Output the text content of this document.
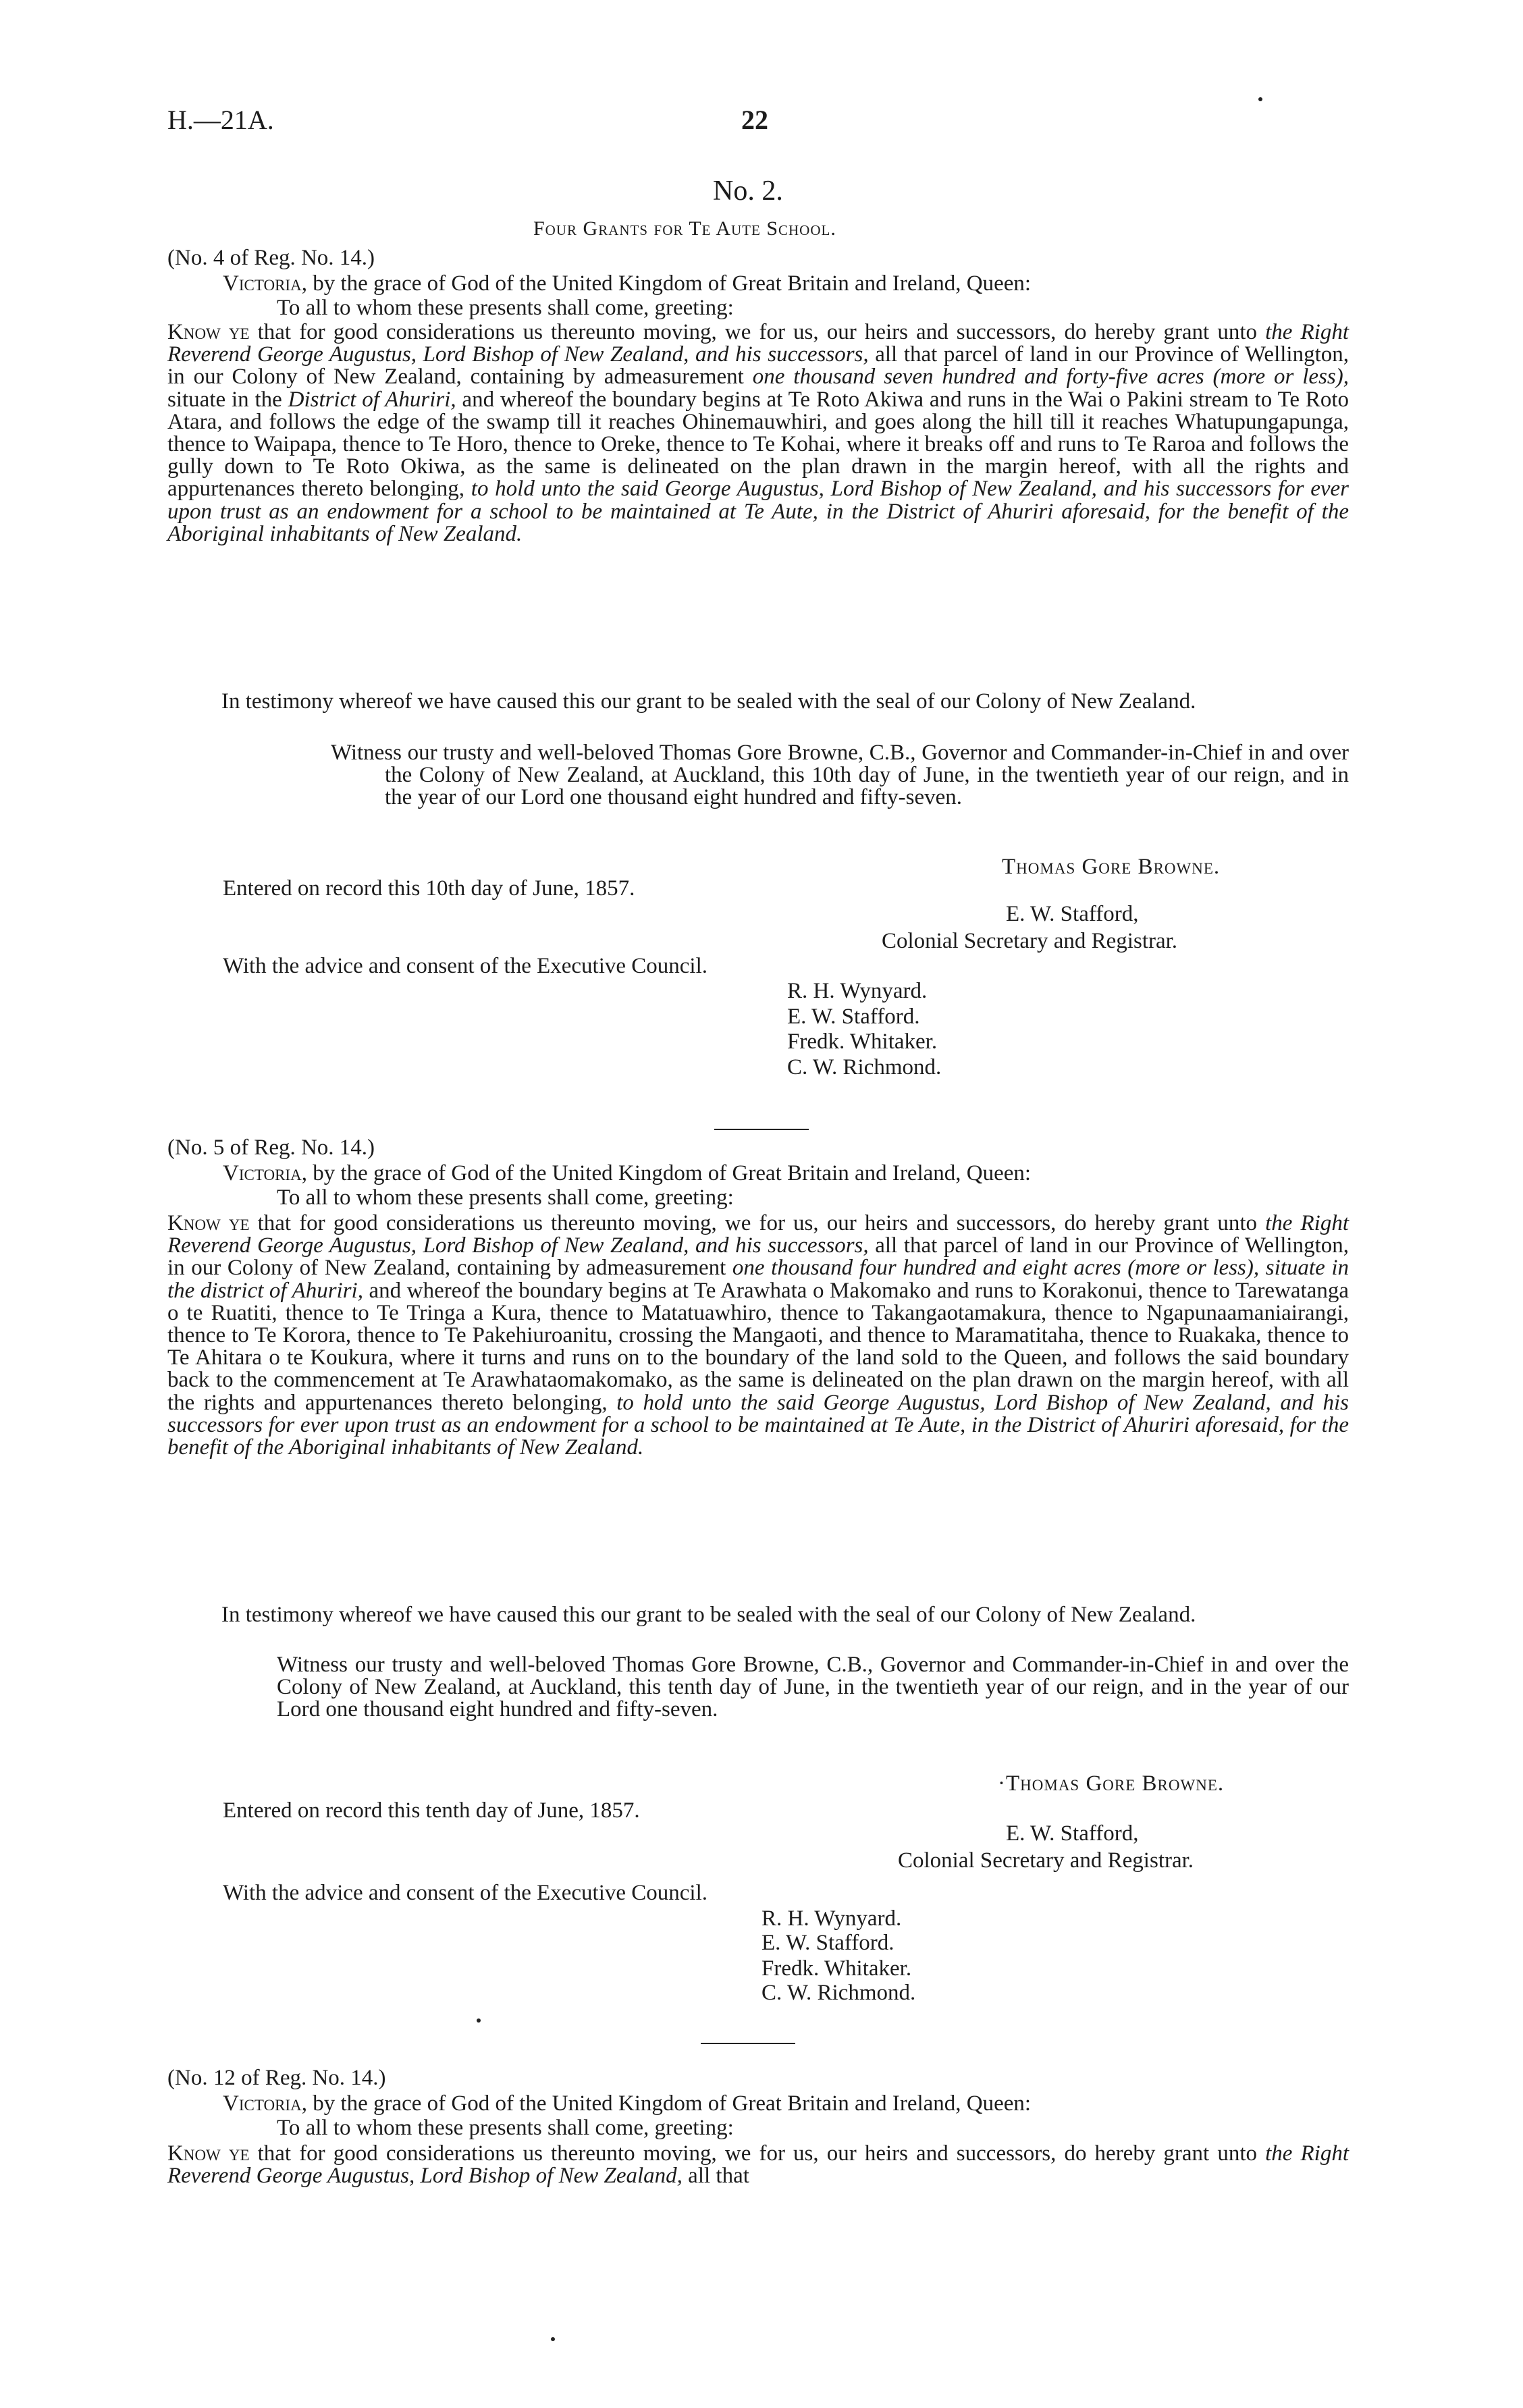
H.—21A.	22
No. 2.
Four Grants for Te Aute School.
(No. 4 of Reg. No. 14.)
Victoria, by the grace of God of the United Kingdom of Great Britain and Ireland, Queen:
To all to whom these presents shall come, greeting:
Know ye that for good considerations us thereunto moving, we for us, our heirs and successors, do hereby grant unto the Right Reverend George Augustus, Lord Bishop of New Zealand, and his successors, all that parcel of land in our Province of Wellington, in our Colony of New Zealand, containing by admeasurement one thousand seven hundred and forty-five acres (more or less), situate in the District of Ahuriri, and whereof the boundary begins at Te Roto Akiwa and runs in the Wai o Pakini stream to Te Roto Atara, and follows the edge of the swamp till it reaches Ohinemauwhiri, and goes along the hill till it reaches Whatupungapunga, thence to Waipapa, thence to Te Horo, thence to Oreke, thence to Te Kohai, where it breaks off and runs to Te Raroa and follows the gully down to Te Roto Okiwa, as the same is delineated on the plan drawn in the margin hereof, with all the rights and appurtenances thereto belonging, to hold unto the said George Augustus, Lord Bishop of New Zealand, and his successors for ever upon trust as an endowment for a school to be maintained at Te Aute, in the District of Ahuriri aforesaid, for the benefit of the Aboriginal inhabitants of New Zealand.
In testimony whereof we have caused this our grant to be sealed with the seal of our Colony of New Zealand.
Witness our trusty and well-beloved Thomas Gore Browne, C.B., Governor and Commander-in-Chief in and over the Colony of New Zealand, at Auckland, this 10th day of June, in the twentieth year of our reign, and in the year of our Lord one thousand eight hundred and fifty-seven.
Thomas Gore Browne.
Entered on record this 10th day of June, 1857.
E. W. Stafford,
Colonial Secretary and Registrar.
With the advice and consent of the Executive Council.
R. H. Wynyard.
E. W. Stafford.
Fredk. Whitaker.
C. W. Richmond.
(No. 5 of Reg. No. 14.)
Victoria, by the grace of God of the United Kingdom of Great Britain and Ireland, Queen:
To all to whom these presents shall come, greeting:
Know ye that for good considerations us thereunto moving, we for us, our heirs and successors, do hereby grant unto the Right Reverend George Augustus, Lord Bishop of New Zealand, and his successors, all that parcel of land in our Province of Wellington, in our Colony of New Zealand, containing by admeasurement one thousand four hundred and eight acres (more or less), situate in the district of Ahuriri, and whereof the boundary begins at Te Arawhata o Makomako and runs to Korakonui, thence to Tarewatanga o te Ruatiti, thence to Te Tringa a Kura, thence to Matatuawhiro, thence to Takangaotamakura, thence to Ngapunaamaniairangi, thence to Te Korora, thence to Te Pakehiuroanitu, crossing the Mangaoti, and thence to Maramatitaha, thence to Ruakaka, thence to Te Ahitara o te Koukura, where it turns and runs on to the boundary of the land sold to the Queen, and follows the said boundary back to the commencement at Te Arawhataomakomako, as the same is delineated on the plan drawn on the margin hereof, with all the rights and appurtenances thereto belonging, to hold unto the said George Augustus, Lord Bishop of New Zealand, and his successors for ever upon trust as an endowment for a school to be maintained at Te Aute, in the District of Ahuriri aforesaid, for the benefit of the Aboriginal inhabitants of New Zealand.
In testimony whereof we have caused this our grant to be sealed with the seal of our Colony of New Zealand.
Witness our trusty and well-beloved Thomas Gore Browne, C.B., Governor and Commander-in-Chief in and over the Colony of New Zealand, at Auckland, this tenth day of June, in the twentieth year of our reign, and in the year of our Lord one thousand eight hundred and fifty-seven.
·Thomas Gore Browne.
Entered on record this tenth day of June, 1857.
E. W. Stafford,
Colonial Secretary and Registrar.
With the advice and consent of the Executive Council.
R. H. Wynyard.
E. W. Stafford.
Fredk. Whitaker.
C. W. Richmond.
(No. 12 of Reg. No. 14.)
Victoria, by the grace of God of the United Kingdom of Great Britain and Ireland, Queen:
To all to whom these presents shall come, greeting:
Know ye that for good considerations us thereunto moving, we for us, our heirs and successors, do hereby grant unto the Right Reverend George Augustus, Lord Bishop of New Zealand, all that
